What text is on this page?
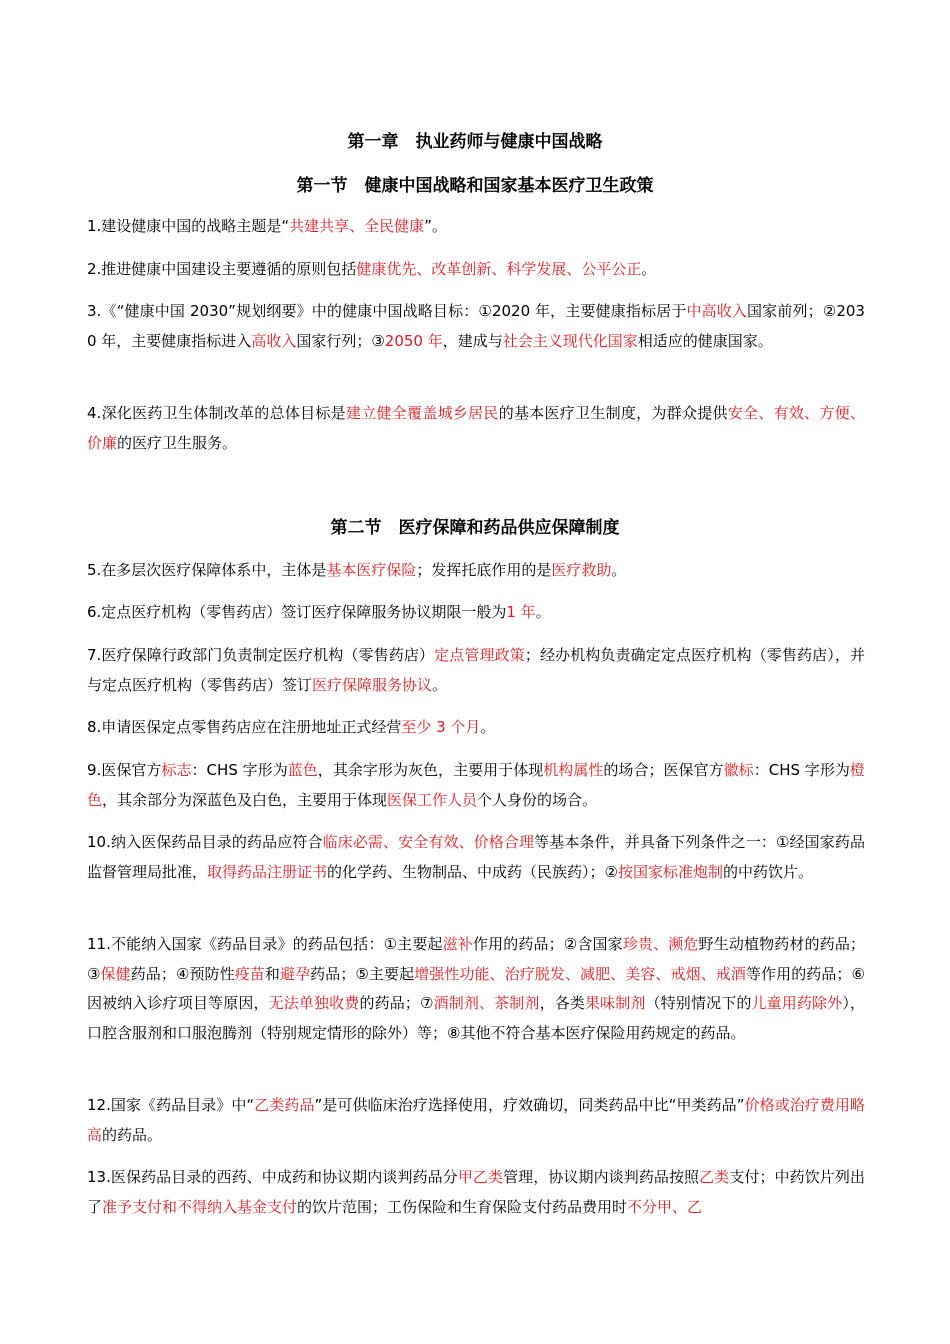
第一章　执业药师与健康中国战略
第一节　健康中国战略和国家基本医疗卫生政策

1.建设健康中国的战略主题是“共建共享、全民健康”。

2.推进健康中国建设主要遵循的原则包括健康优先、改革创新、科学发展、公平公正。

3.《“健康中国 2030”规划纲要》中的健康中国战略目标：①2020 年，主要健康指标居于中高收入国家前列；②2030 年，主要健康指标进入高收入国家行列；③2050 年，建成与社会主义现代化国家相适应的健康国家。

4.深化医药卫生体制改革的总体目标是建立健全覆盖城乡居民的基本医疗卫生制度，为群众提供安全、有效、方便、价廉的医疗卫生服务。

第二节　医疗保障和药品供应保障制度

5.在多层次医疗保障体系中，主体是基本医疗保险；发挥托底作用的是医疗救助。

6.定点医疗机构（零售药店）签订医疗保障服务协议期限一般为1 年。

7.医疗保障行政部门负责制定医疗机构（零售药店）定点管理政策；经办机构负责确定定点医疗机构（零售药店），并与定点医疗机构（零售药店）签订医疗保障服务协议。

8.申请医保定点零售药店应在注册地址正式经营至少 3 个月。

9.医保官方标志：CHS 字形为蓝色，其余字形为灰色，主要用于体现机构属性的场合；医保官方徽标：CHS 字形为橙色，其余部分为深蓝色及白色，主要用于体现医保工作人员个人身份的场合。

10.纳入医保药品目录的药品应符合临床必需、安全有效、价格合理等基本条件，并具备下列条件之一：①经国家药品监督管理局批准，取得药品注册证书的化学药、生物制品、中成药（民族药）；②按国家标准炮制的中药饮片。

11.不能纳入国家《药品目录》的药品包括：①主要起滋补作用的药品；②含国家珍贵、濒危野生动植物药材的药品；③保健药品；④预防性疫苗和避孕药品；⑤主要起增强性功能、治疗脱发、减肥、美容、戒烟、戒酒等作用的药品；⑥因被纳入诊疗项目等原因，无法单独收费的药品；⑦酒制剂、茶制剂，各类果味制剂（特别情况下的儿童用药除外），口腔含服剂和口服泡腾剂（特别规定情形的除外）等；⑧其他不符合基本医疗保险用药规定的药品。

12.国家《药品目录》中“乙类药品”是可供临床治疗选择使用，疗效确切，同类药品中比“甲类药品”价格或治疗费用略高的药品。

13.医保药品目录的西药、中成药和协议期内谈判药品分甲乙类管理，协议期内谈判药品按照乙类支付；中药饮片列出了准予支付和不得纳入基金支付的饮片范围；工伤保险和生育保险支付药品费用时不分甲、乙
